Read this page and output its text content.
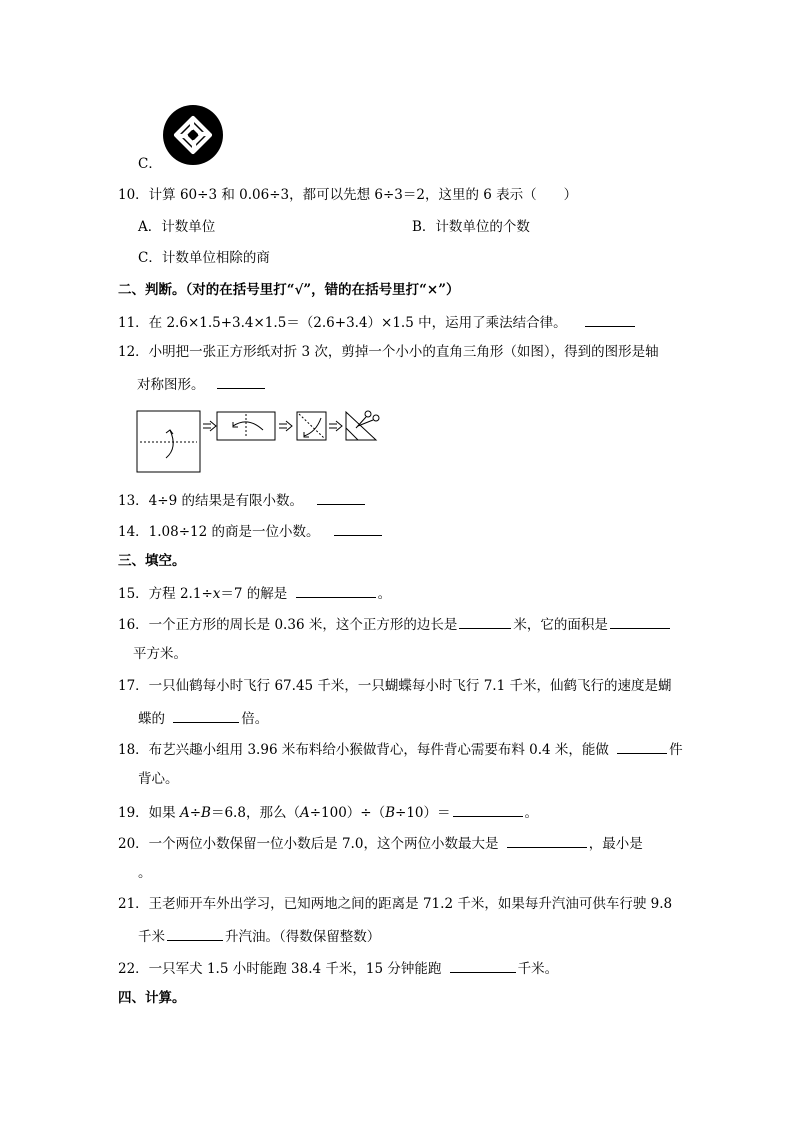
C．
10．计算 60÷3 和 0.06÷3，都可以先想 6÷3＝2，这里的 6 表示（　　）
A．计数单位	B．计数单位的个数
C．计数单位相除的商
二、判断。（对的在括号里打“√”，错的在括号里打“×”）
11．在 2.6×1.5+3.4×1.5＝（2.6+3.4）×1.5 中，运用了乘法结合律。
12．小明把一张正方形纸对折 3 次，剪掉一个小小的直角三角形（如图），得到的图形是轴
对称图形。
13．4÷9 的结果是有限小数。
14．1.08÷12 的商是一位小数。
三、填空。
15．方程 2.1÷x＝7 的解是	。
16．一个正方形的周长是 0.36 米，这个正方形的边长是	米，它的面积是
平方米。
17．一只仙鹤每小时飞行 67.45 千米，一只蝴蝶每小时飞行 7.1 千米，仙鹤飞行的速度是蝴
蝶的	倍。
18．布艺兴趣小组用 3.96 米布料给小猴做背心，每件背心需要布料 0.4 米，能做	件
背心。
19．如果 A÷B＝6.8，那么（A÷100）÷（B÷10）＝	。
20．一个两位小数保留一位小数后是 7.0，这个两位小数最大是	，最小是
。
21．王老师开车外出学习，已知两地之间的距离是 71.2 千米，如果每升汽油可供车行驶 9.8
千米	升汽油。（得数保留整数）
22．一只军犬 1.5 小时能跑 38.4 千米，15 分钟能跑	千米。
四、计算。
